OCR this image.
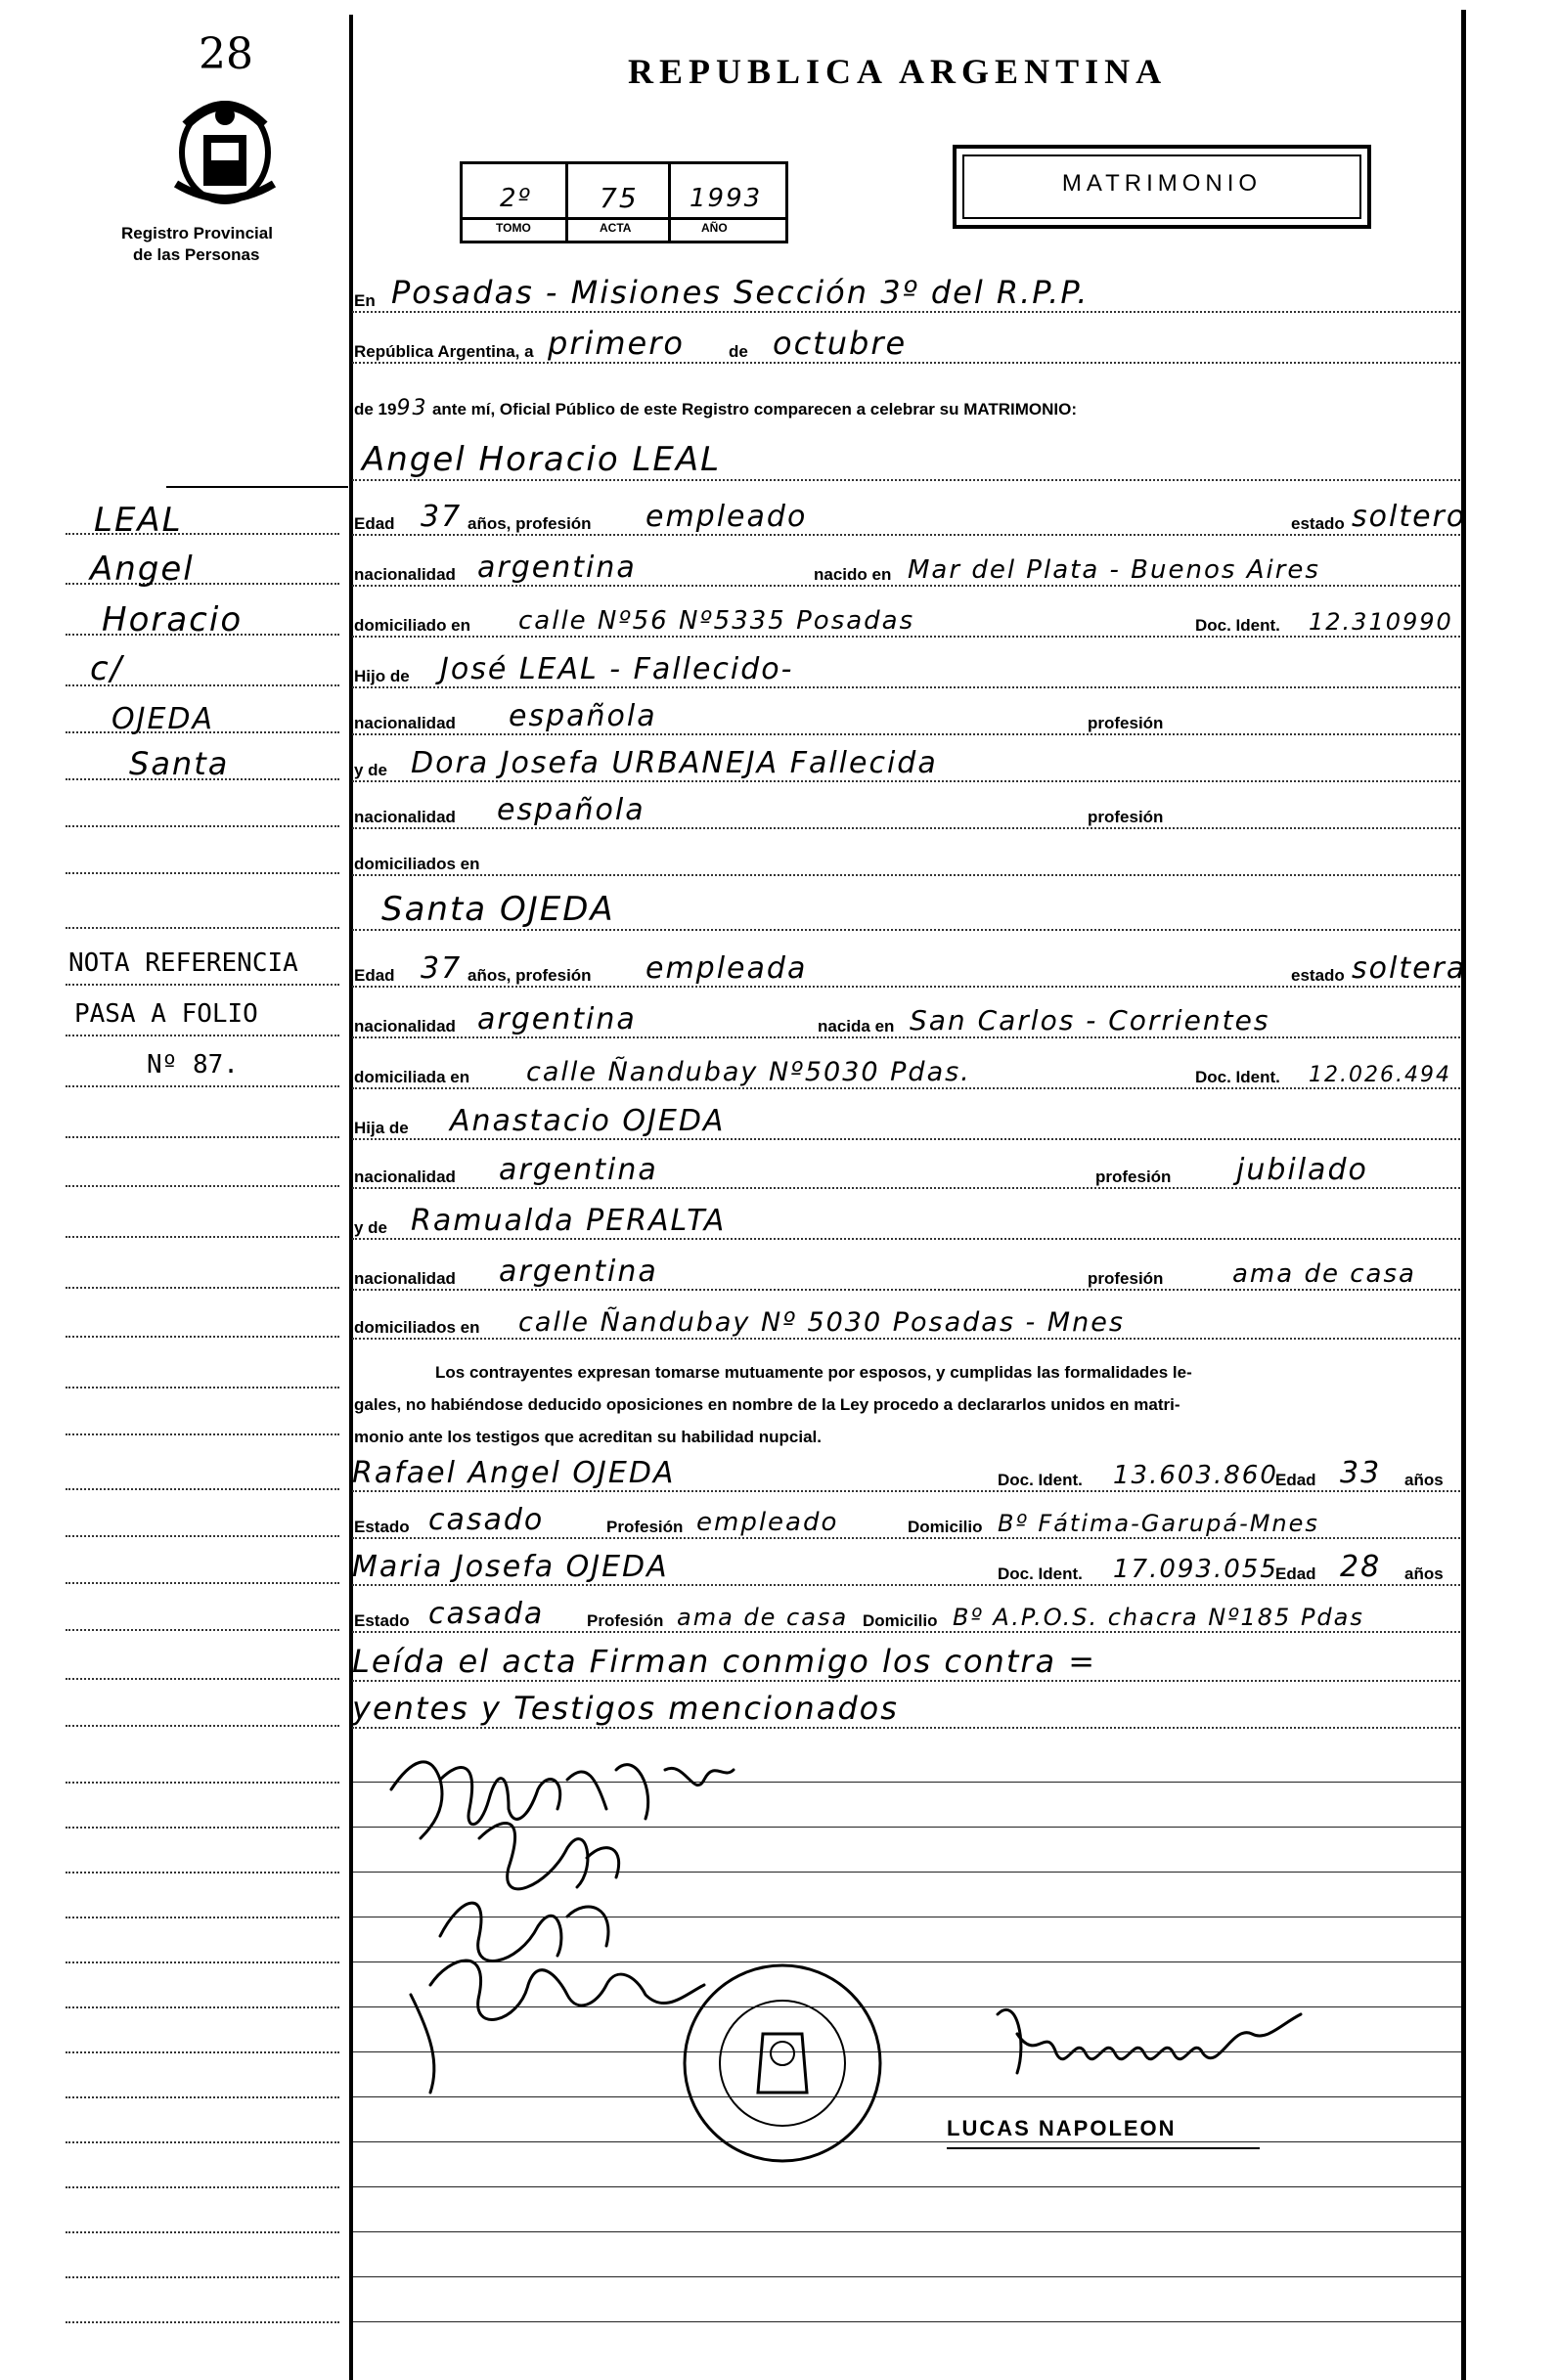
28
Registro Provincial
de las Personas
REPUBLICA ARGENTINA
2º 75 1993
TOMO	ACTA	AÑO
MATRIMONIO
En Posadas - Misiones Sección 3º del R.P.P.
República Argentina, a primero	de octubre
de 1993 ante mí, Oficial Público de este Registro comparecen a celebrar su MATRIMONIO:
Angel Horacio LEAL
Edad 37 años, profesión empleado	estado soltero
nacionalidad argentina	nacido en Mar del Plata - Buenos Aires
domiciliado en calle Nº56 Nº5335 Posadas	Doc. Ident. 12.310990
Hijo de José LEAL - Fallecido-
nacionalidad española	profesión
y de Dora Josefa URBANEJA Fallecida
nacionalidad española	profesión
domiciliados en
Santa OJEDA
Edad 37 años, profesión empleada	estado soltera
nacionalidad argentina	nacida en San Carlos - Corrientes
domiciliada en calle Ñandubay Nº5030 Pdas.	Doc. Ident. 12.026.494
Hija de Anastacio OJEDA
nacionalidad argentina	profesión jubilado
y de Ramualda PERALTA
nacionalidad argentina	profesión	ama de casa
domiciliados en calle Ñandubay Nº 5030 Posadas - Mnes
Los contrayentes expresan tomarse mutuamente por esposos, y cumplidas las formalidades le-
gales, no habiéndose deducido oposiciones en nombre de la Ley procedo a declararlos unidos en matri-
monio ante los testigos que acreditan su habilidad nupcial.
Rafael Angel OJEDA	Doc. Ident. 13.603.860
Edad 33 años
Estado casado	Profesión empleado	Domicilio Bº Fátima-Garupá-Mnes
Maria Josefa OJEDA	Doc. Ident. 17.093.055
Edad 28 años
Estado casada	Profesión ama de casa Domicilio Bº A.P.O.S. chacra Nº185 Pdas
Leída el acta Firman conmigo los contra =
yentes y Testigos mencionados
LEAL
Angel
Horacio
c/
OJEDA
Santa
NOTA REFERENCIA
PASA A FOLIO
Nº 87.
LUCAS NAPOLEON
